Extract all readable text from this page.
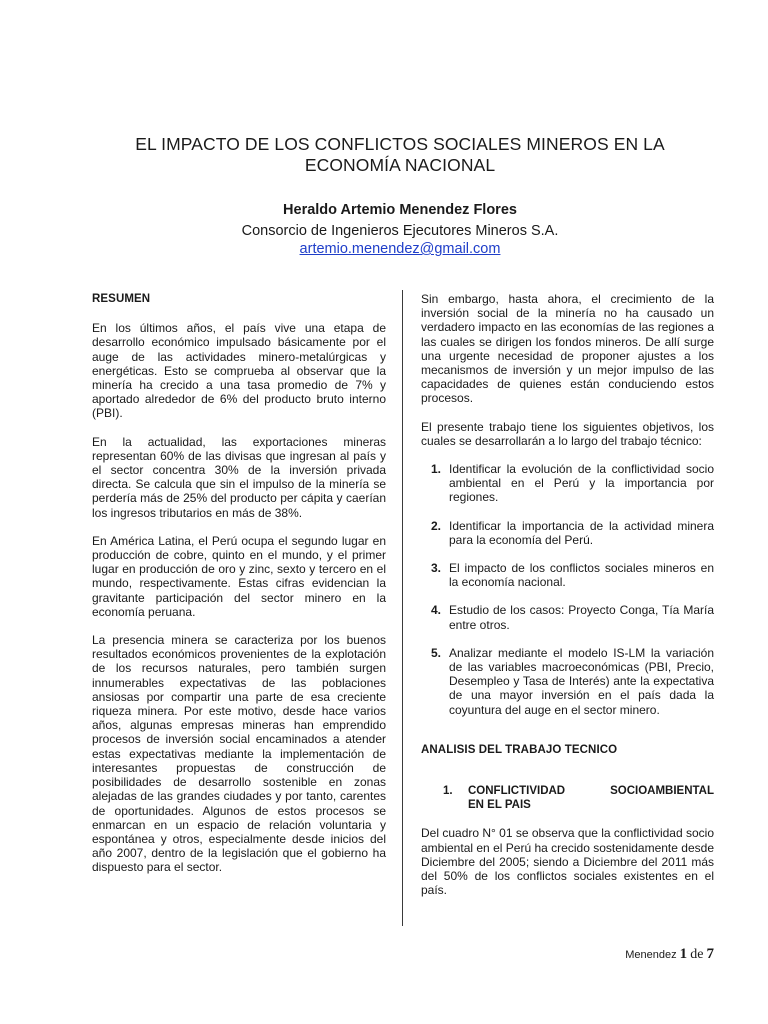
EL IMPACTO DE LOS CONFLICTOS SOCIALES MINEROS EN LA
ECONOMÍA NACIONAL
Heraldo Artemio Menendez Flores
Consorcio de Ingenieros Ejecutores Mineros S.A.
artemio.menendez@gmail.com
RESUMEN

En los últimos años, el país vive una etapa de desarrollo económico impulsado básicamente por el auge de las actividades minero-metalúrgicas y energéticas. Esto se comprueba al observar que la minería ha crecido a una tasa promedio de 7% y aportado alrededor de 6% del producto bruto interno (PBI).

En la actualidad, las exportaciones mineras representan 60% de las divisas que ingresan al país y el sector concentra 30% de la inversión privada directa. Se calcula que sin el impulso de la minería se perdería más de 25% del producto per cápita y caerían los ingresos tributarios en más de 38%.

En América Latina, el Perú ocupa el segundo lugar en producción de cobre, quinto en el mundo, y el primer lugar en producción de oro y zinc, sexto y tercero en el mundo, respectivamente. Estas cifras evidencian la gravitante participación del sector minero en la economía peruana.

La presencia minera se caracteriza por los buenos resultados económicos provenientes de la explotación de los recursos naturales, pero también surgen innumerables expectativas de las poblaciones ansiosas por compartir una parte de esa creciente riqueza minera. Por este motivo, desde hace varios años, algunas empresas mineras han emprendido procesos de inversión social encaminados a atender estas expectativas mediante la implementación de interesantes propuestas de construcción de posibilidades de desarrollo sostenible en zonas alejadas de las grandes ciudades y por tanto, carentes de oportunidades. Algunos de estos procesos se enmarcan en un espacio de relación voluntaria y espontánea y otros, especialmente desde inicios del año 2007, dentro de la legislación que el gobierno ha dispuesto para el sector.

Sin embargo, hasta ahora, el crecimiento de la inversión social de la minería no ha causado un verdadero impacto en las economías de las regiones a las cuales se dirigen los fondos mineros. De allí surge una urgente necesidad de proponer ajustes a los mecanismos de inversión y un mejor impulso de las capacidades de quienes están conduciendo estos procesos.

El presente trabajo tiene los siguientes objetivos, los cuales se desarrollarán a lo largo del trabajo técnico:

1. Identificar la evolución de la conflictividad socio ambiental en el Perú y la importancia por regiones.
2. Identificar la importancia de la actividad minera para la economía del Perú.
3. El impacto de los conflictos sociales mineros en la economía nacional.
4. Estudio de los casos: Proyecto Conga, Tía María entre otros.
5. Analizar mediante el modelo IS-LM la variación de las variables macroeconómicas (PBI, Precio, Desempleo y Tasa de Interés) ante la expectativa de una mayor inversión en el país dada la coyuntura del auge en el sector minero.
ANALISIS DEL TRABAJO TECNICO
1. CONFLICTIVIDAD	SOCIOAMBIENTAL
EN EL PAIS

Del cuadro N° 01 se observa que la conflictividad socio ambiental en el Perú ha crecido sostenidamente desde Diciembre del 2005; siendo a Diciembre del 2011 más del 50% de los conflictos sociales existentes en el país.

Menendez 1 de 7
